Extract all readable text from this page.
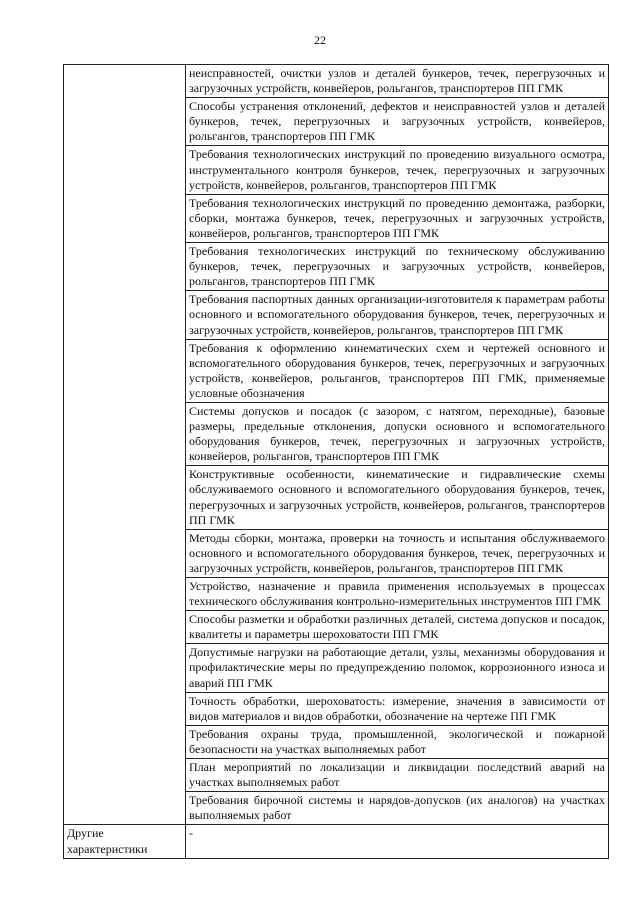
22
	неисправностей, очистки узлов и деталей бункеров, течек, перегрузочных и загрузочных устройств, конвейеров, рольгангов, транспортеров ПП ГМК
	Способы устранения отклонений, дефектов и неисправностей узлов и деталей бункеров, течек, перегрузочных и загрузочных устройств, конвейеров, рольгангов, транспортеров ПП ГМК
	Требования технологических инструкций по проведению визуального осмотра, инструментального контроля бункеров, течек, перегрузочных и загрузочных устройств, конвейеров, рольгангов, транспортеров ПП ГМК
	Требования технологических инструкций по проведению демонтажа, разборки, сборки, монтажа бункеров, течек, перегрузочных и загрузочных устройств, конвейеров, рольгангов, транспортеров ПП ГМК
	Требования технологических инструкций по техническому обслуживанию бункеров, течек, перегрузочных и загрузочных устройств, конвейеров, рольгангов, транспортеров ПП ГМК
	Требования паспортных данных организации-изготовителя к параметрам работы основного и вспомогательного оборудования бункеров, течек, перегрузочных и загрузочных устройств, конвейеров, рольгангов, транспортеров ПП ГМК
	Требования к оформлению кинематических схем и чертежей основного и вспомогательного оборудования бункеров, течек, перегрузочных и загрузочных устройств, конвейеров, рольгангов, транспортеров ПП ГМК, применяемые условные обозначения
	Системы допусков и посадок (с зазором, с натягом, переходные), базовые размеры, предельные отклонения, допуски основного и вспомогательного оборудования бункеров, течек, перегрузочных и загрузочных устройств, конвейеров, рольгангов, транспортеров ПП ГМК
	Конструктивные особенности, кинематические и гидравлические схемы обслуживаемого основного и вспомогательного оборудования бункеров, течек, перегрузочных и загрузочных устройств, конвейеров, рольгангов, транспортеров ПП ГМК
	Методы сборки, монтажа, проверки на точность и испытания обслуживаемого основного и вспомогательного оборудования бункеров, течек, перегрузочных и загрузочных устройств, конвейеров, рольгангов, транспортеров ПП ГМК
	Устройство, назначение и правила применения используемых в процессах технического обслуживания контрольно-измерительных инструментов ПП ГМК
	Способы разметки и обработки различных деталей, система допусков и посадок, квалитеты и параметры шероховатости ПП ГМК
	Допустимые нагрузки на работающие детали, узлы, механизмы оборудования и профилактические меры по предупреждению поломок, коррозионного износа и аварий ПП ГМК
	Точность обработки, шероховатость: измерение, значения в зависимости от видов материалов и видов обработки, обозначение на чертеже ПП ГМК
	Требования охраны труда, промышленной, экологической и пожарной безопасности на участках выполняемых работ
	План мероприятий по локализации и ликвидации последствий аварий на участках выполняемых работ
	Требования бирочной системы и нарядов-допусков (их аналогов) на участках выполняемых работ
Другие характеристики	-
